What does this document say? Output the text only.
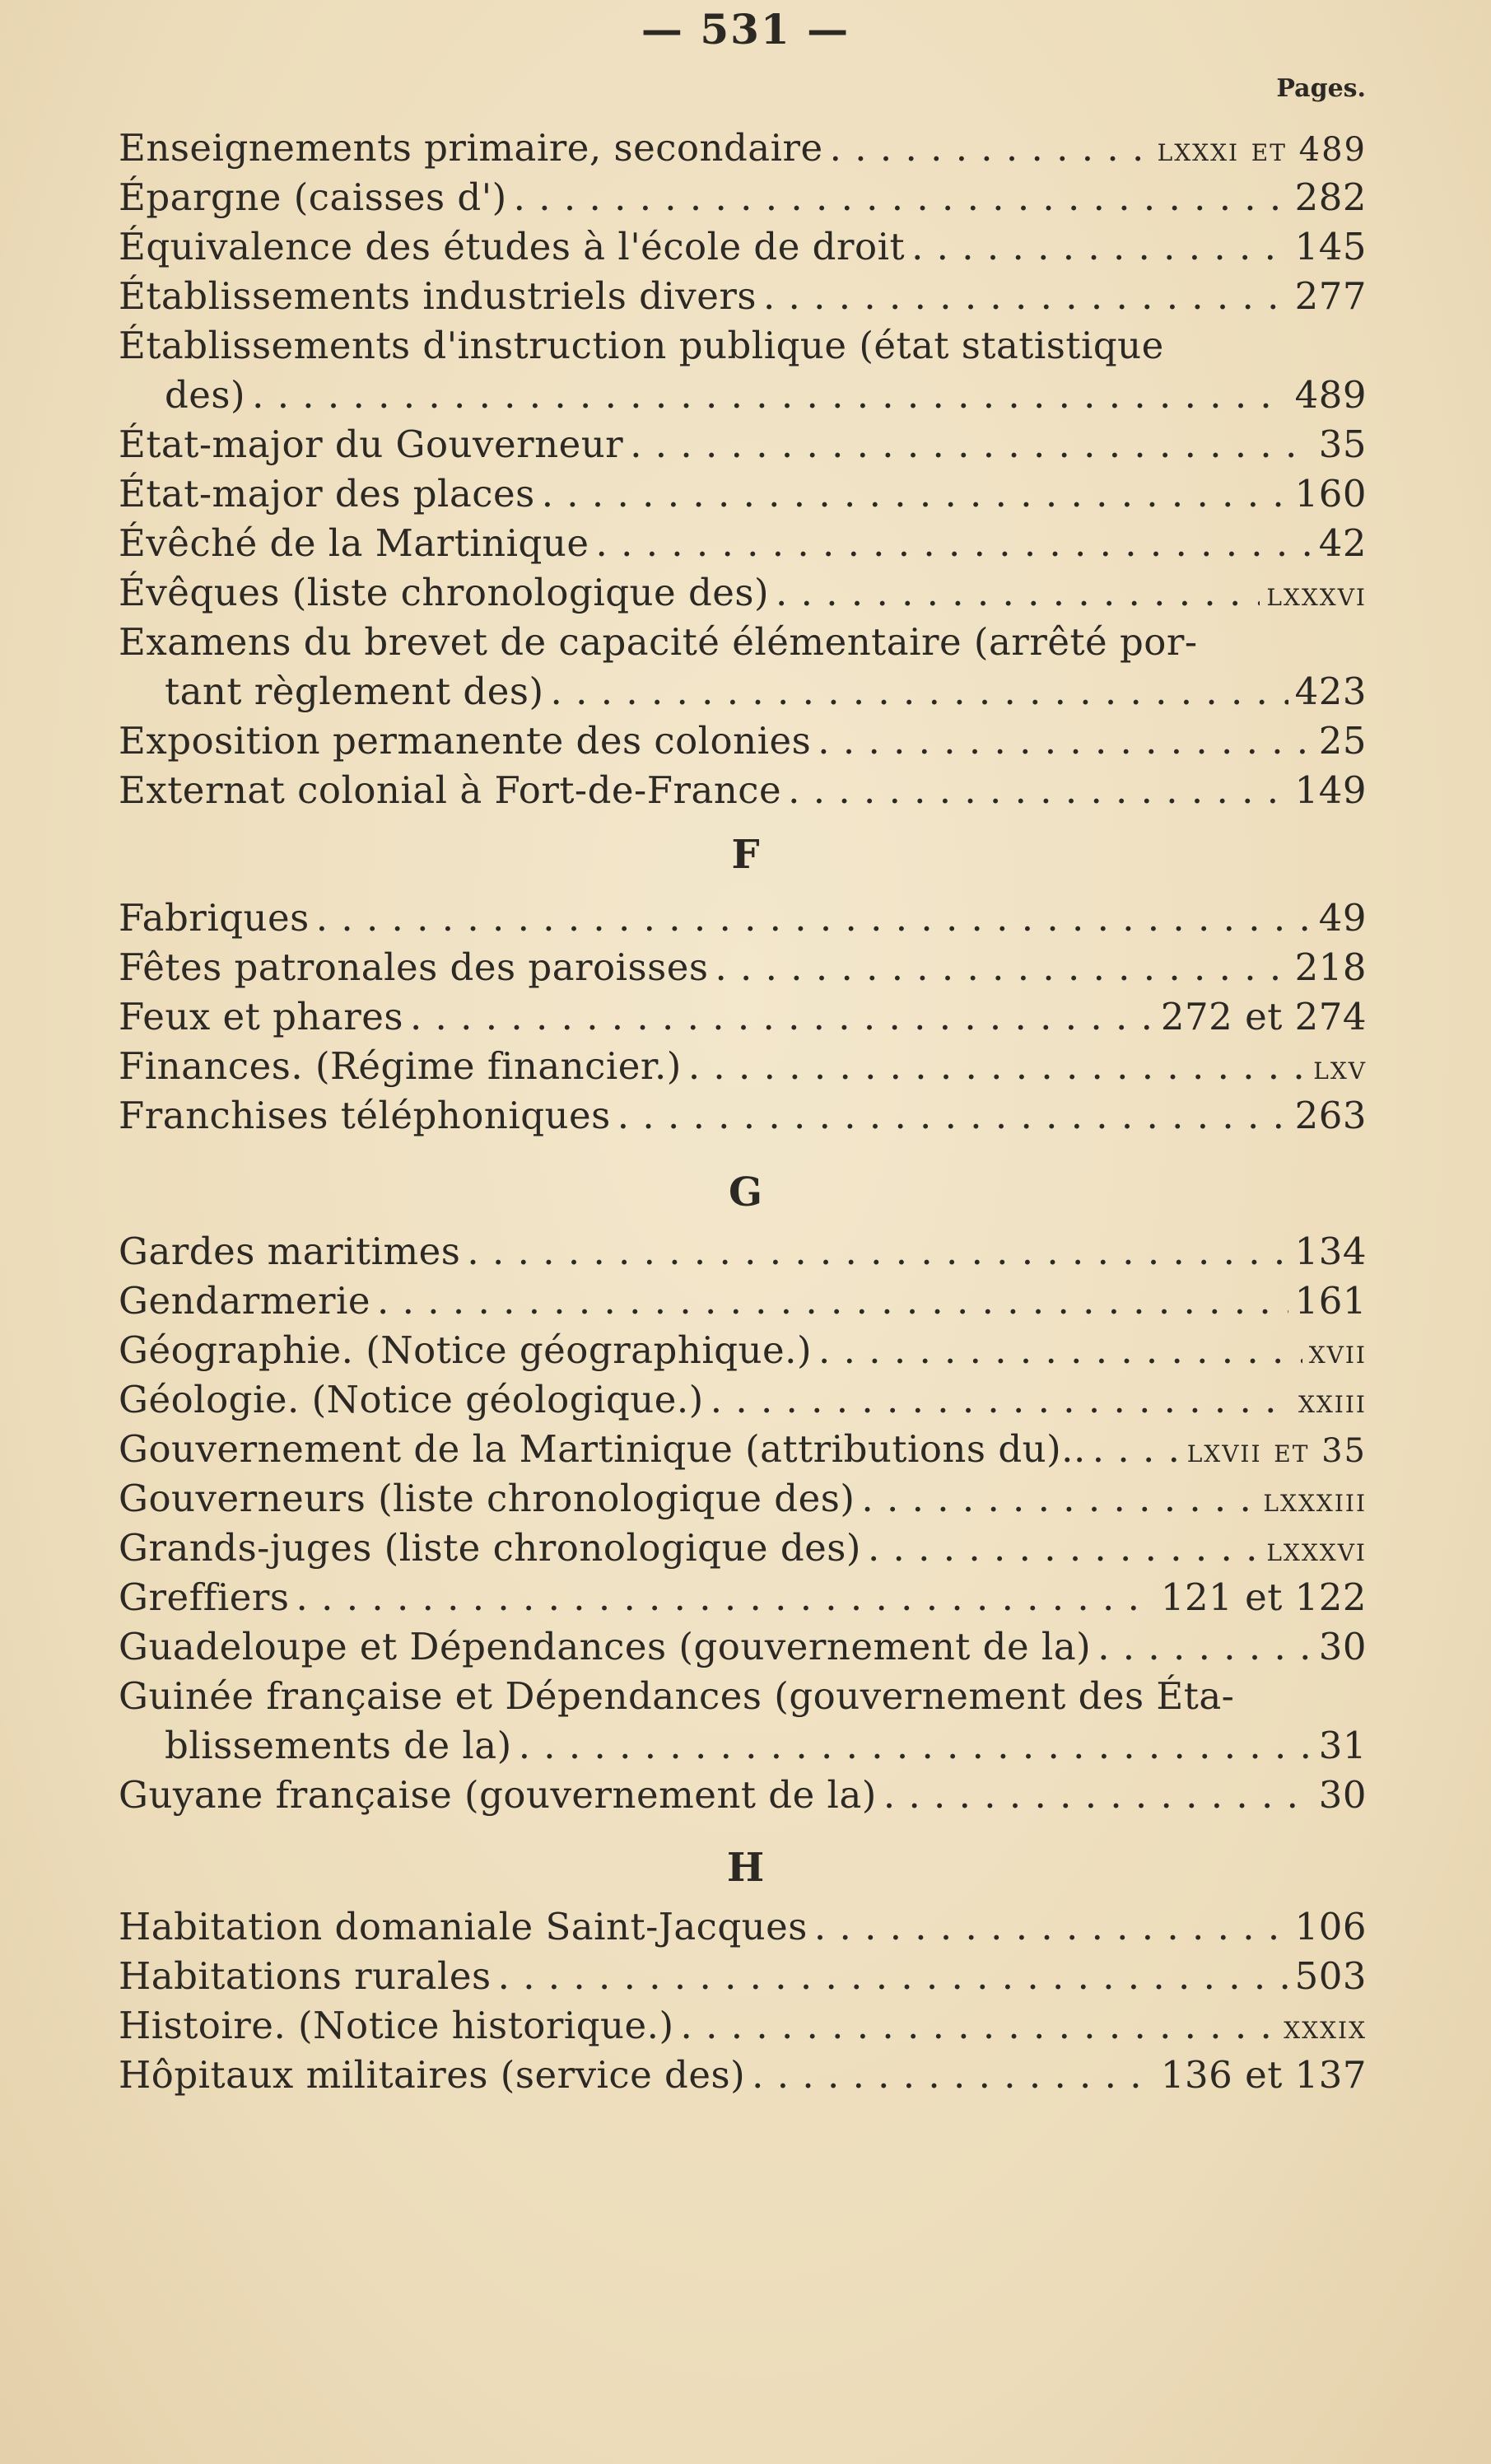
— 531 —
Pages.
Enseignements primaire, secondaire . . .	lxxxi et 489
Épargne (caisses d') . . .	282
Équivalence des études à l'école de droit . . .	145
Établissements industriels divers . . .	277
Établissements d'instruction publique (état statistique
des) . . .	489
État-major du Gouverneur . . .	35
État-major des places . . .	160
Évêché de la Martinique . . .	42
Évêques (liste chronologique des) . . .	lxxxvi
Examens du brevet de capacité élémentaire (arrêté por-
tant règlement des) . . .	423
Exposition permanente des colonies . . .	25
Externat colonial à Fort-de-France . . .	149
F
Fabriques . . .	49
Fêtes patronales des paroisses . . .	218
Feux et phares . . .	272 et 274
Finances. (Régime financier.) . . .	lxv
Franchises téléphoniques . . .	263
G
Gardes maritimes . . .	134
Gendarmerie . . .	161
Géographie. (Notice géographique.) . . .	xvii
Géologie. (Notice géologique.) . . .	xxiii
Gouvernement de la Martinique (attributions du).. . . .	lxvii et 35
Gouverneurs (liste chronologique des) . . .	lxxxiii
Grands-juges (liste chronologique des) . . .	lxxxvi
Greffiers . . .	121 et 122
Guadeloupe et Dépendances (gouvernement de la) . . .	30
Guinée française et Dépendances (gouvernement des Éta-
blissements de la) . . .	31
Guyane française (gouvernement de la) . . .	30
H
Habitation domaniale Saint-Jacques . . .	106
Habitations rurales . . .	503
Histoire. (Notice historique.) . . .	xxxix
Hôpitaux militaires (service des) . . .	136 et 137
